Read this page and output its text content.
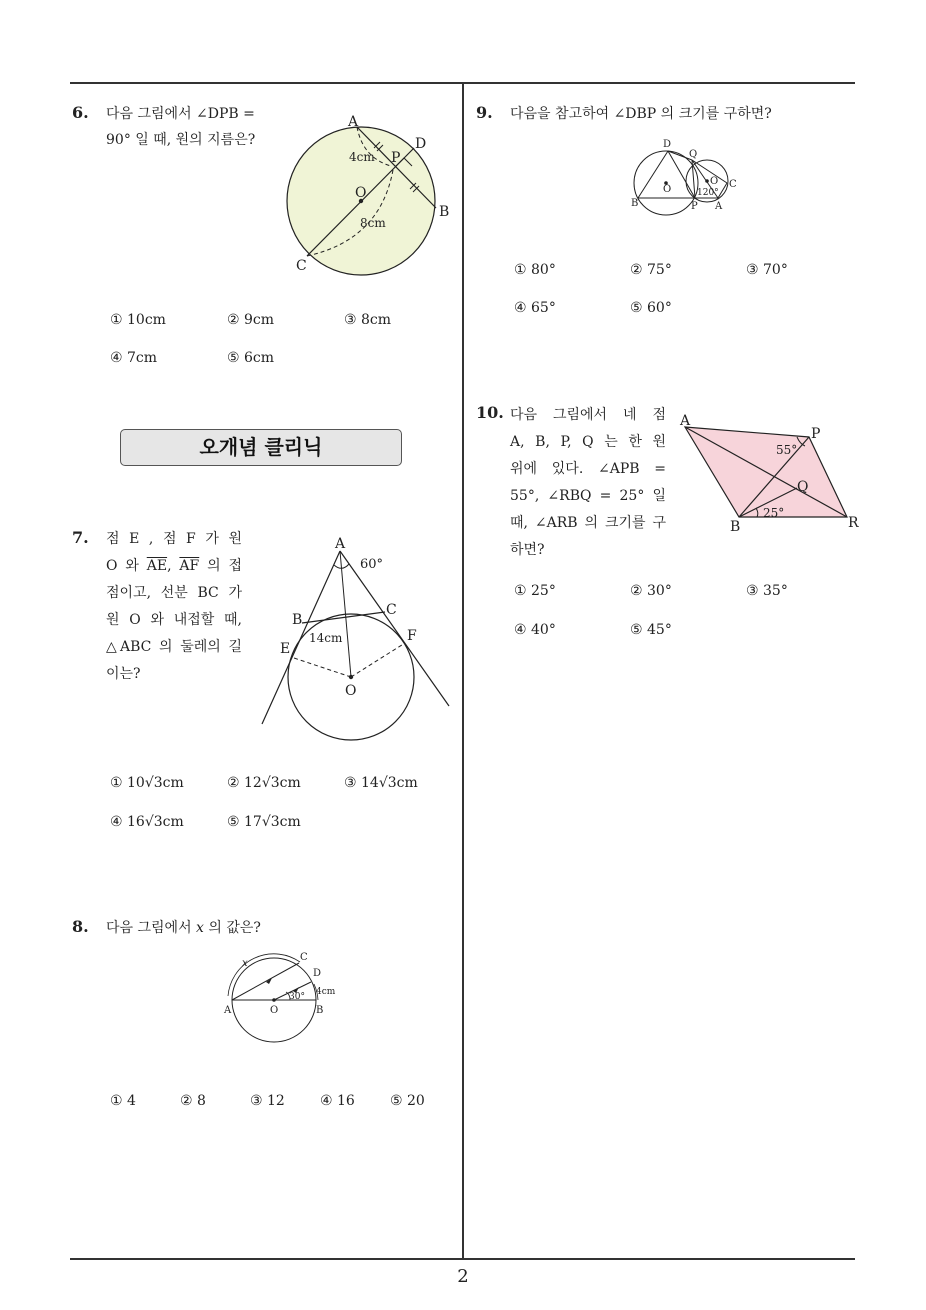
2
6. 다음 그림에서 ∠DPB =
90° 일 때, 원의 지름은?
A
D
P
O
B
C
4cm
8cm
① 10cm	② 9cm	③ 8cm
④ 7cm	⑤ 6cm
오개념 클리닉
7. 점 E , 점 F 가 원
O 와 $\overline{AE}$, $\overline{AF}$ 의 접
점이고, 선분 BC 가
원 O 와 내접할 때,
△ABC 의 둘레의 길
이는?
A
B
C
E
F
O
60°
14cm
① 10√3cm	② 12√3cm	③ 14√3cm
④ 16√3cm	⑤ 17√3cm
8. 다음 그림에서 x 의 값은?
x
C
D
A	O	B
30° 4cm
① 4	② 8	③ 12	④ 16	⑤ 20
9. 다음을 참고하여 ∠DBP 의 크기를 구하면?
D
Q
O
O C
B	P A
120°
① 80°	② 75°	③ 70°
④ 65°	⑤ 60°
10. 다음 그림에서 네 점
A, B, P, Q 는 한 원
위에 있다. ∠APB =
55°, ∠RBQ = 25° 일
때, ∠ARB 의 크기를 구
하면?
A
P
Q
B	R
55°
25°
① 25°	② 30°	③ 35°
④ 40°	⑤ 45°
